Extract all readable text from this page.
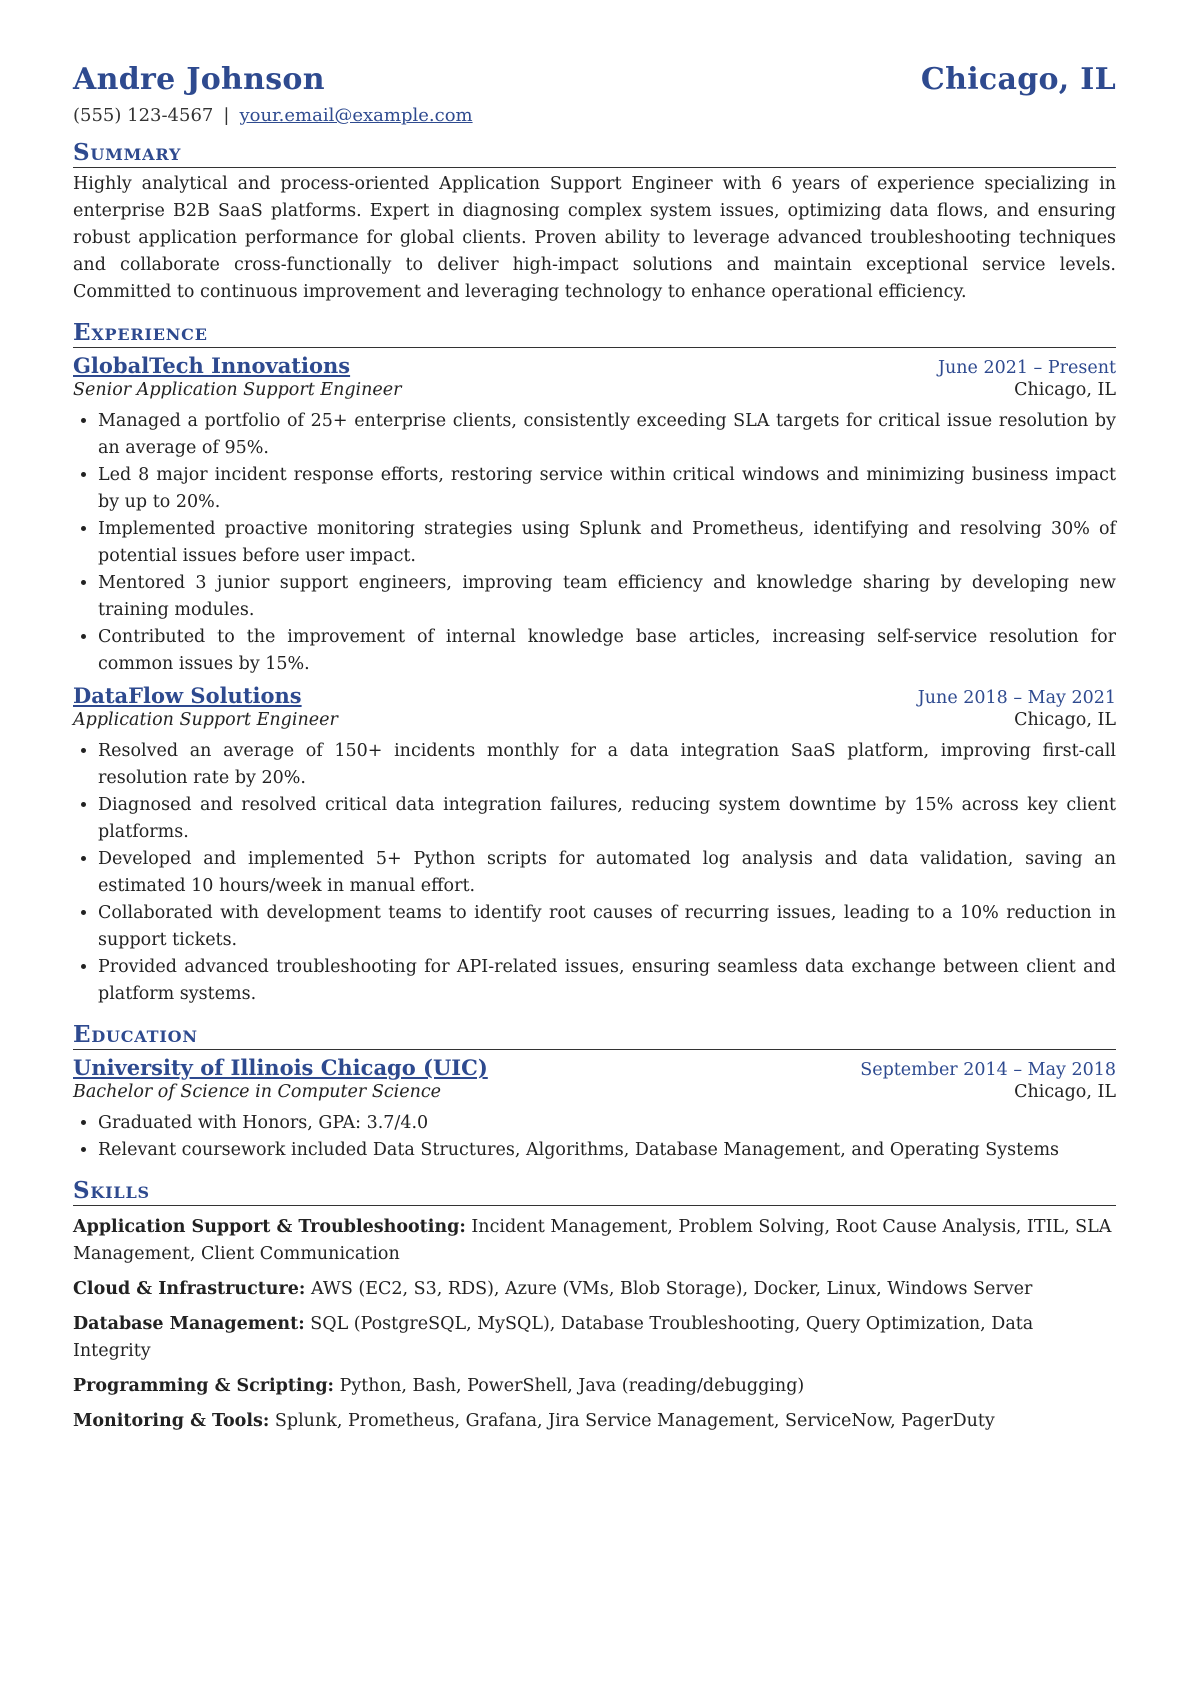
Andre Johnson	Chicago, IL
(555) 123-4567 | your.email@example.com
Summary

Highly analytical and process-oriented Application Support Engineer with 6 years of experience specializing in enterprise B2B SaaS platforms. Expert in diagnosing complex system issues, optimizing data flows, and ensuring robust application performance for global clients. Proven ability to leverage advanced troubleshooting techniques and collaborate cross-functionally to deliver high-impact solutions and maintain exceptional service levels. Committed to continuous improvement and leveraging technology to enhance operational efficiency.

Experience
GlobalTech Innovations	June 2021 – Present
Senior Application Support Engineer	Chicago, IL
• Managed a portfolio of 25+ enterprise clients, consistently exceeding SLA targets for critical issue resolution by an average of 95%.
• Led 8 major incident response efforts, restoring service within critical windows and minimizing business impact by up to 20%.
• Implemented proactive monitoring strategies using Splunk and Prometheus, identifying and resolving 30% of potential issues before user impact.
• Mentored 3 junior support engineers, improving team efficiency and knowledge sharing by developing new training modules.
• Contributed to the improvement of internal knowledge base articles, increasing self-service resolution for common issues by 15%.
DataFlow Solutions	June 2018 – May 2021
Application Support Engineer	Chicago, IL
• Resolved an average of 150+ incidents monthly for a data integration SaaS platform, improving first-call resolution rate by 20%.
• Diagnosed and resolved critical data integration failures, reducing system downtime by 15% across key client platforms.
• Developed and implemented 5+ Python scripts for automated log analysis and data validation, saving an estimated 10 hours/week in manual effort.
• Collaborated with development teams to identify root causes of recurring issues, leading to a 10% reduction in support tickets.
• Provided advanced troubleshooting for API-related issues, ensuring seamless data exchange between client and platform systems.
Education
University of Illinois Chicago (UIC)	September 2014 – May 2018
Bachelor of Science in Computer Science	Chicago, IL
• Graduated with Honors, GPA: 3.7/4.0
• Relevant coursework included Data Structures, Algorithms, Database Management, and Operating Systems
Skills
Application Support & Troubleshooting: Incident Management, Problem Solving, Root Cause Analysis, ITIL, SLA Management, Client Communication
Cloud & Infrastructure: AWS (EC2, S3, RDS), Azure (VMs, Blob Storage), Docker, Linux, Windows Server
Database Management: SQL (PostgreSQL, MySQL), Database Troubleshooting, Query Optimization, Data Integrity
Programming & Scripting: Python, Bash, PowerShell, Java (reading/debugging)
Monitoring & Tools: Splunk, Prometheus, Grafana, Jira Service Management, ServiceNow, PagerDuty
